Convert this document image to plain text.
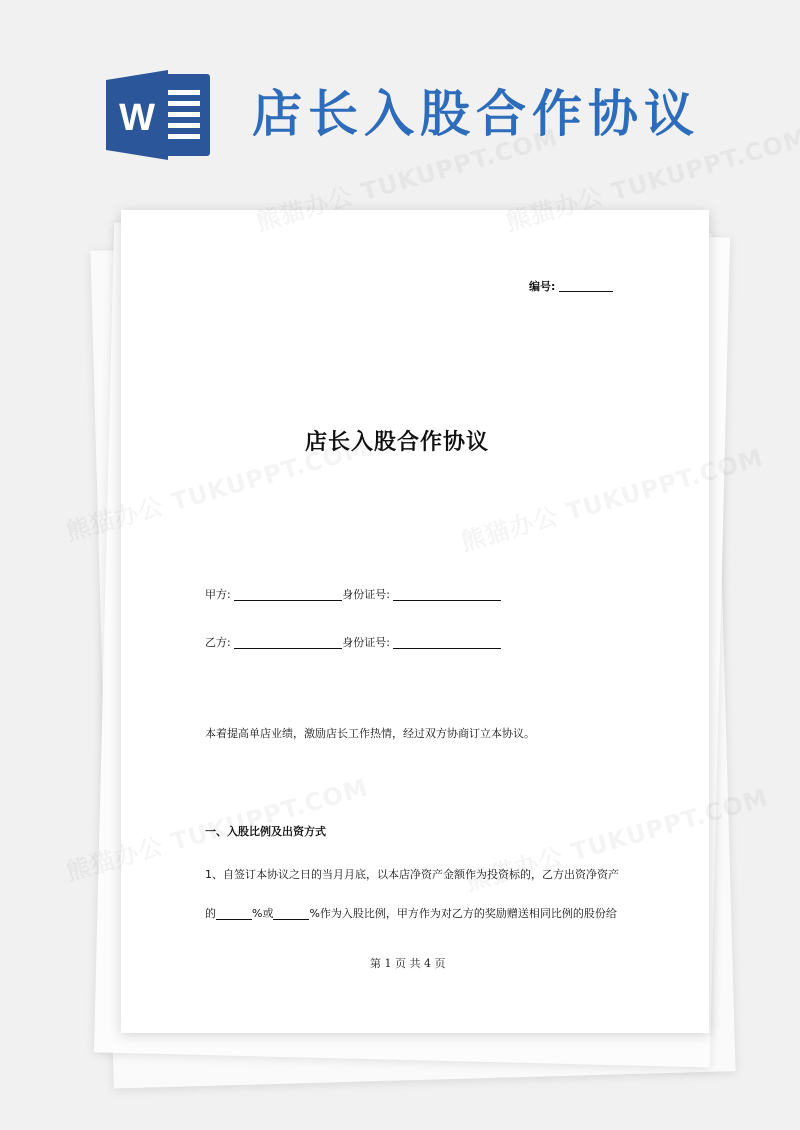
W 店长入股合作协议
编号:
店长入股合作协议
甲方:	身份证号:
乙方:	身份证号:
本着提高单店业绩，激励店长工作热情，经过双方协商订立本协议。
一、入股比例及出资方式
1、自签订本协议之日的当月月底，以本店净资产金额作为投资标的，乙方出资净资产
的	%或	%作为入股比例，甲方作为对乙方的奖励赠送相同比例的股份给
第 1 页 共 4 页
